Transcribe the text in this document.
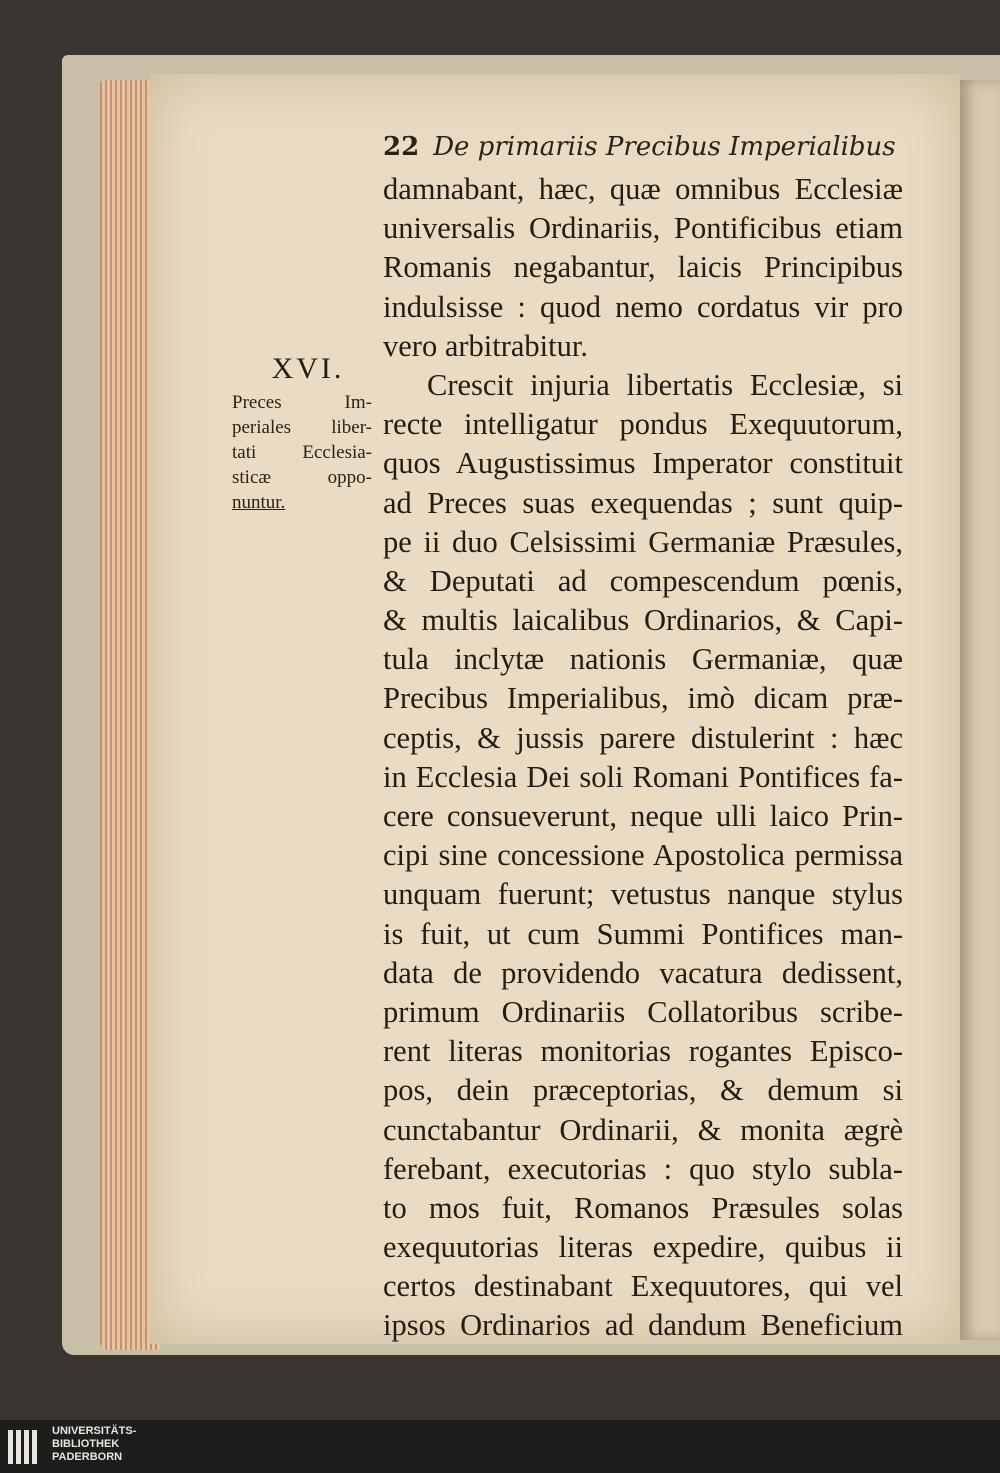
22 De primariis Precibus Imperialibus
XVI.
Preces Im-
periales liber-
tati Ecclesia-
sticæ oppo-
nuntur.
damnabant, hæc, quæ omnibus Ecclesiæ
universalis Ordinariis, Pontificibus etiam
Romanis negabantur, laicis Principibus
indulsisse : quod nemo cordatus vir pro
vero arbitrabitur.
Crescit injuria libertatis Ecclesiæ, si
recte intelligatur pondus Exequutorum,
quos Augustissimus Imperator constituit
ad Preces suas exequendas ; sunt quip-
pe ii duo Celsissimi Germaniæ Præsules,
& Deputati ad compescendum pœnis,
& multis laicalibus Ordinarios, & Capi-
tula inclytæ nationis Germaniæ, quæ
Precibus Imperialibus, imò dicam præ-
ceptis, & jussis parere distulerint : hæc
in Ecclesia Dei soli Romani Pontifices fa-
cere consueverunt, neque ulli laico Prin-
cipi sine concessione Apostolica permissa
unquam fuerunt; vetustus nanque stylus
is fuit, ut cum Summi Pontifices man-
data de providendo vacatura dedissent,
primum Ordinariis Collatoribus scribe-
rent literas monitorias rogantes Episco-
pos, dein præceptorias, & demum si
cunctabantur Ordinarii, & monita ægrè
ferebant, executorias : quo stylo subla-
to mos fuit, Romanos Præsules solas
exequutorias literas expedire, quibus ii
certos destinabant Exequutores, qui vel
ipsos Ordinarios ad dandum Beneficium
UNIVERSITÄTS-
BIBLIOTHEK
PADERBORN
